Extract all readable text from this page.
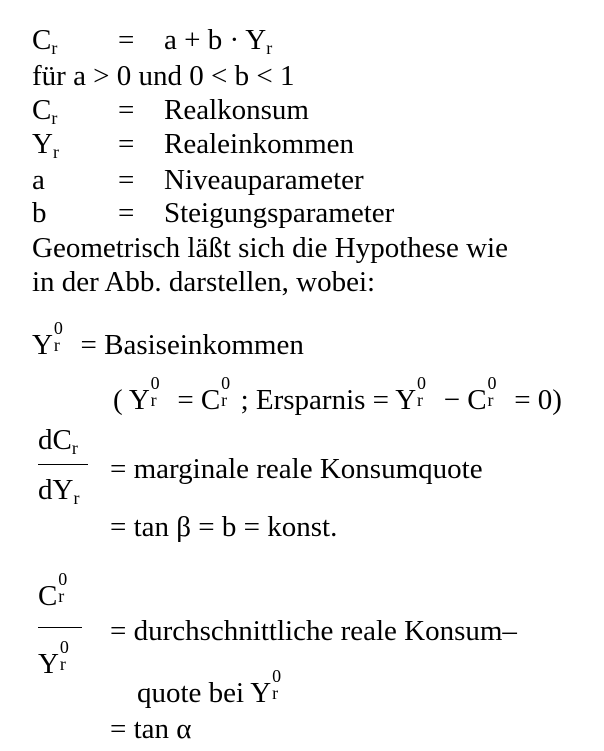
$C_r = a + b \cdot Y_r$
für a > 0 und 0 < b < 1
$C_r$ = Realkonsum
$Y_r$ = Realeinkommen
a	= Niveauparameter
b = Steigungsparameter
Geometrisch läßt sich die Hypothese wie
in der Abb. darstellen, wobei:
Y
0
r = Basiseinkommen
( Y
0
r = C
0
r ; Ersparnis = Y
0
r − C
0
r = 0)
$dC_r$
$dY_r$
= marginale reale Konsumquote
= tan β = b = konst.
C
0
r
Y
0
r
= durchschnittliche reale Konsum–
quote bei Y
0
r
= tan α
